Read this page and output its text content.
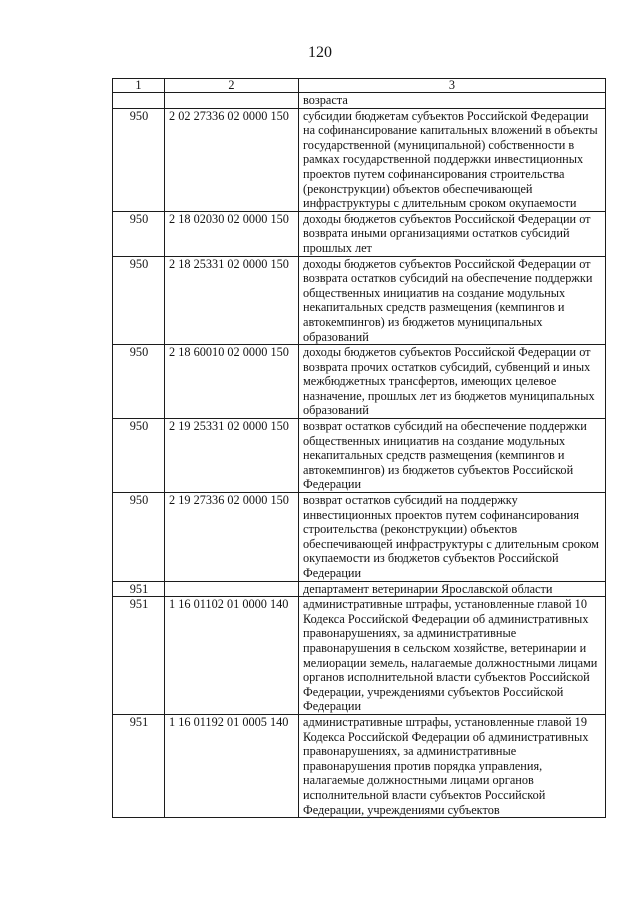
120
1	2	3
		возраста
950	2 02 27336 02 0000 150	субсидии бюджетам субъектов Российской Федерации на софинансирование капитальных вложений в объекты государственной (муниципальной) собственности в рамках государственной поддержки инвестиционных проектов путем софинансирования строительства (реконструкции) объектов обеспечивающей инфраструктуры с длительным сроком окупаемости
950	2 18 02030 02 0000 150	доходы бюджетов субъектов Российской Федерации от возврата иными организациями остатков субсидий прошлых лет
950	2 18 25331 02 0000 150	доходы бюджетов субъектов Российской Федерации от возврата остатков субсидий на обеспечение поддержки общественных инициатив на создание модульных некапитальных средств размещения (кемпингов и автокемпингов) из бюджетов муниципальных образований
950	2 18 60010 02 0000 150	доходы бюджетов субъектов Российской Федерации от возврата прочих остатков субсидий, субвенций и иных межбюджетных трансфертов, имеющих целевое назначение, прошлых лет из бюджетов муниципальных образований
950	2 19 25331 02 0000 150	возврат остатков субсидий на обеспечение поддержки общественных инициатив на создание модульных некапитальных средств размещения (кемпингов и автокемпингов) из бюджетов субъектов Российской Федерации
950	2 19 27336 02 0000 150	возврат остатков субсидий на поддержку инвестиционных проектов путем софинансирования строительства (реконструкции) объектов обеспечивающей инфраструктуры с длительным сроком окупаемости из бюджетов субъектов Российской Федерации
951		департамент ветеринарии Ярославской области
951	1 16 01102 01 0000 140	административные штрафы, установленные главой 10 Кодекса Российской Федерации об административных правонарушениях, за административные правонарушения в сельском хозяйстве, ветеринарии и мелиорации земель, налагаемые должностными лицами органов исполнительной власти субъектов Российской Федерации, учреждениями субъектов Российской Федерации
951	1 16 01192 01 0005 140	административные штрафы, установленные главой 19 Кодекса Российской Федерации об административных правонарушениях, за административные правонарушения против порядка управления, налагаемые должностными лицами органов исполнительной власти субъектов Российской Федерации, учреждениями субъектов
